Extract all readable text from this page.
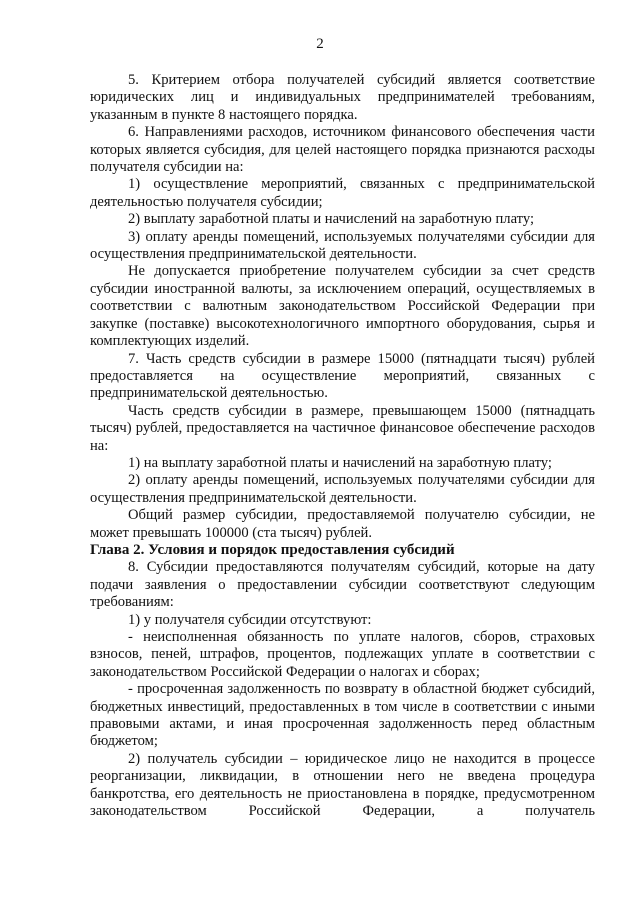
2

5. Критерием отбора получателей субсидий является соответствие юридических лиц и индивидуальных предпринимателей требованиям, указанным в пункте 8 настоящего порядка.

6. Направлениями расходов, источником финансового обеспечения части которых является субсидия, для целей настоящего порядка признаются расходы получателя субсидии на:

1) осуществление мероприятий, связанных с предпринимательской деятельностью получателя субсидии;

2) выплату заработной платы и начислений на заработную плату;

3) оплату аренды помещений, используемых получателями субсидии для осуществления предпринимательской деятельности.

Не допускается приобретение получателем субсидии за счет средств субсидии иностранной валюты, за исключением операций, осуществляемых в соответствии с валютным законодательством Российской Федерации при закупке (поставке) высокотехнологичного импортного оборудования, сырья и комплектующих изделий.

7. Часть средств субсидии в размере 15000 (пятнадцати тысяч) рублей предоставляется на осуществление мероприятий, связанных с предпринимательской деятельностью.

Часть средств субсидии в размере, превышающем 15000 (пятнадцать тысяч) рублей, предоставляется на частичное финансовое обеспечение расходов на:

1) на выплату заработной платы и начислений на заработную плату;

2) оплату аренды помещений, используемых получателями субсидии для осуществления предпринимательской деятельности.

Общий размер субсидии, предоставляемой получателю субсидии, не может превышать 100000 (ста тысяч) рублей.

Глава 2. Условия и порядок предоставления субсидий

8. Субсидии предоставляются получателям субсидий, которые на дату подачи заявления о предоставлении субсидии соответствуют следующим требованиям:

1) у получателя субсидии отсутствуют:

- неисполненная обязанность по уплате налогов, сборов, страховых взносов, пеней, штрафов, процентов, подлежащих уплате в соответствии с законодательством Российской Федерации о налогах и сборах;

- просроченная задолженность по возврату в областной бюджет субсидий, бюджетных инвестиций, предоставленных в том числе в соответствии с иными правовыми актами, и иная просроченная задолженность перед областным бюджетом;

2) получатель субсидии – юридическое лицо не находится в процессе реорганизации, ликвидации, в отношении него не введена процедура банкротства, его деятельность не приостановлена в порядке, предусмотренном законодательством Российской Федерации, а получатель
